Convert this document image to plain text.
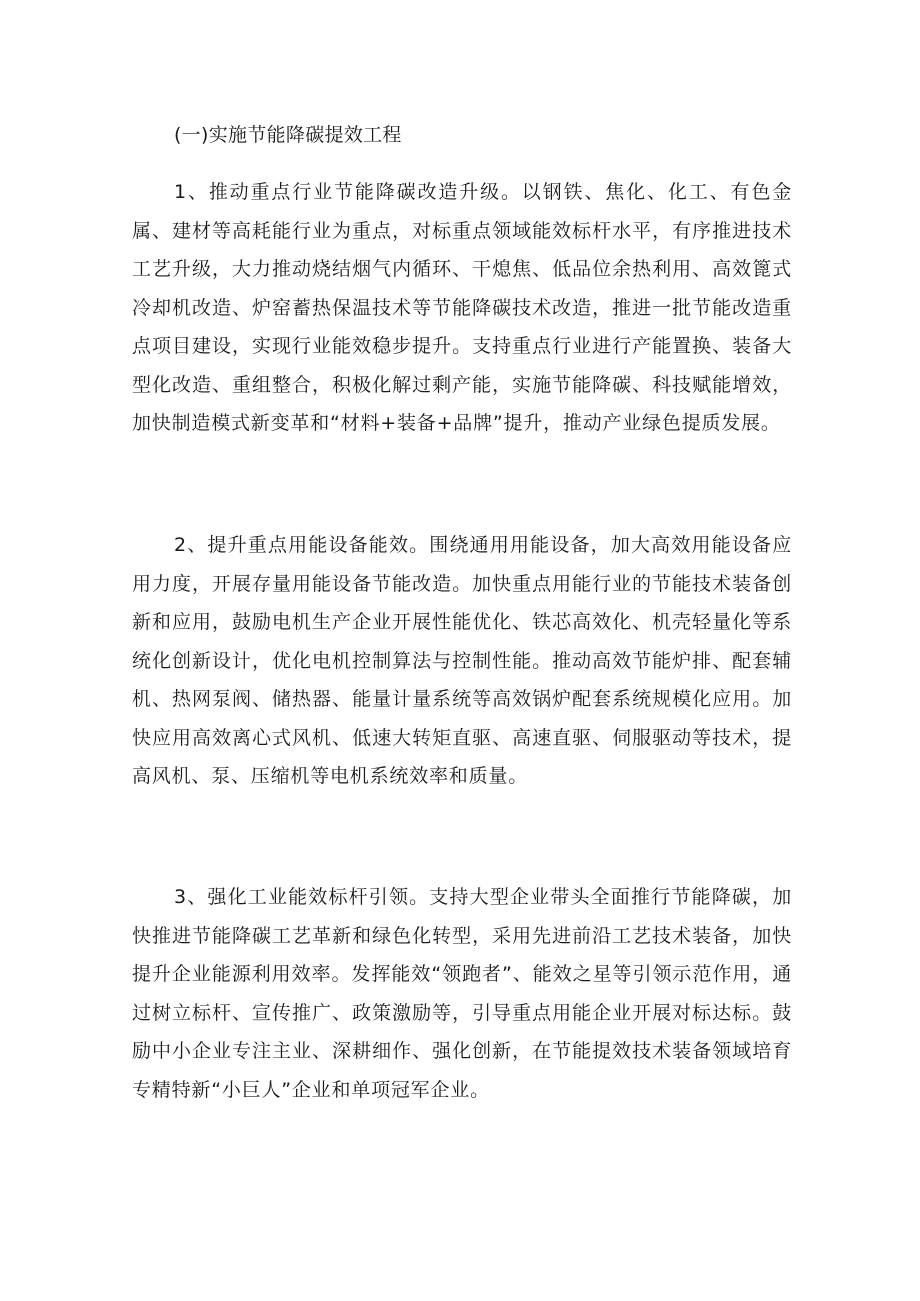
(一)实施节能降碳提效工程

1、推动重点行业节能降碳改造升级。以钢铁、焦化、化工、有色金属、建材等高耗能行业为重点，对标重点领域能效标杆水平，有序推进技术工艺升级，大力推动烧结烟气内循环、干熄焦、低品位余热利用、高效篦式冷却机改造、炉窑蓄热保温技术等节能降碳技术改造，推进一批节能改造重点项目建设，实现行业能效稳步提升。支持重点行业进行产能置换、装备大型化改造、重组整合，积极化解过剩产能，实施节能降碳、科技赋能增效，加快制造模式新变革和“材料+装备+品牌”提升，推动产业绿色提质发展。

2、提升重点用能设备能效。围绕通用用能设备，加大高效用能设备应用力度，开展存量用能设备节能改造。加快重点用能行业的节能技术装备创新和应用，鼓励电机生产企业开展性能优化、铁芯高效化、机壳轻量化等系统化创新设计，优化电机控制算法与控制性能。推动高效节能炉排、配套辅机、热网泵阀、储热器、能量计量系统等高效锅炉配套系统规模化应用。加快应用高效离心式风机、低速大转矩直驱、高速直驱、伺服驱动等技术，提高风机、泵、压缩机等电机系统效率和质量。

3、强化工业能效标杆引领。支持大型企业带头全面推行节能降碳，加快推进节能降碳工艺革新和绿色化转型，采用先进前沿工艺技术装备，加快提升企业能源利用效率。发挥能效“领跑者”、能效之星等引领示范作用，通过树立标杆、宣传推广、政策激励等，引导重点用能企业开展对标达标。鼓励中小企业专注主业、深耕细作、强化创新，在节能提效技术装备领域培育专精特新“小巨人”企业和单项冠军企业。
